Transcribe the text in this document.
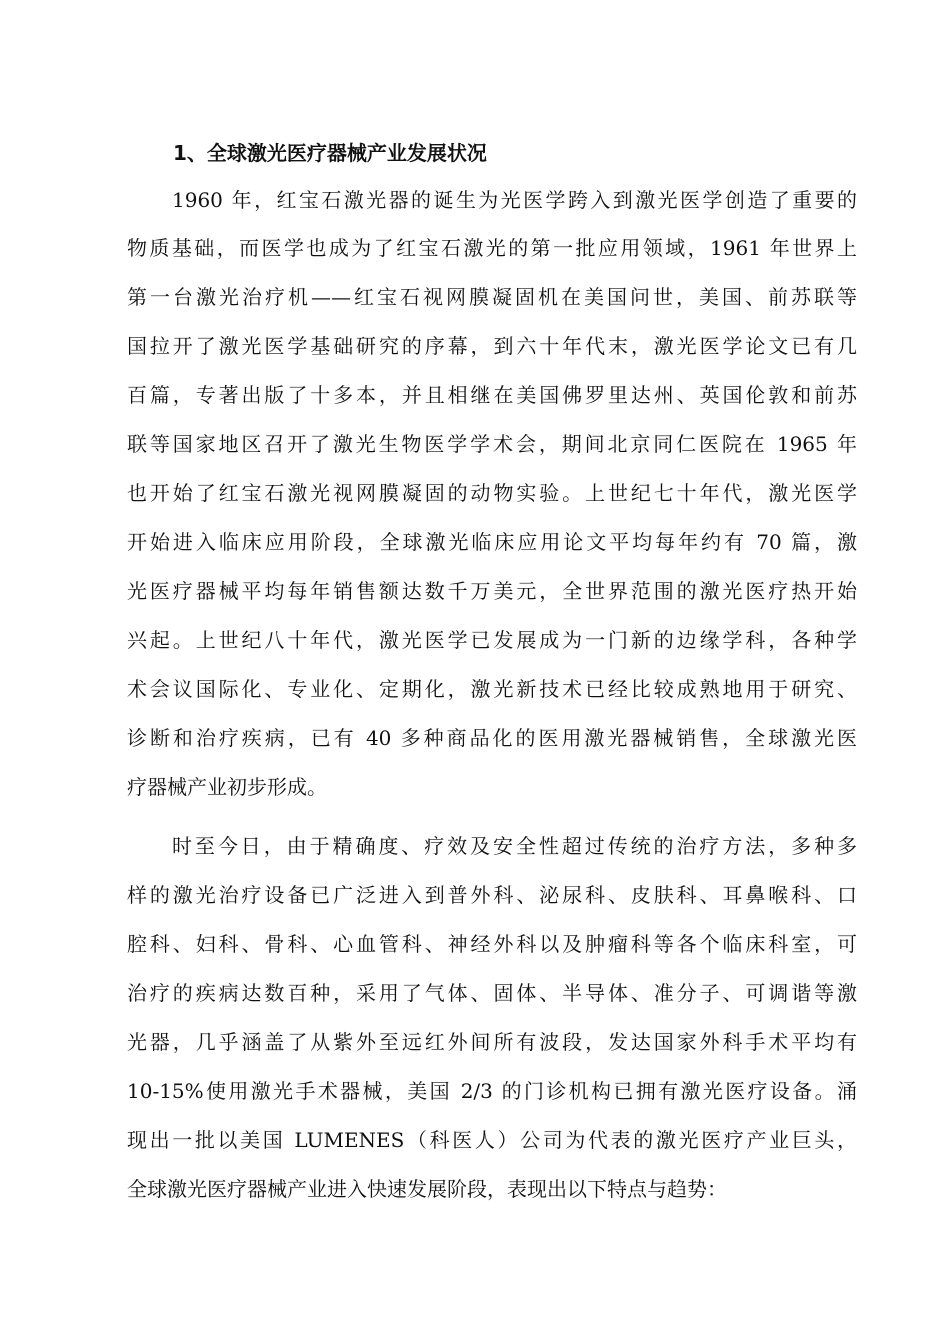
1、全球激光医疗器械产业发展状况
1960 年，红宝石激光器的诞生为光医学跨入到激光医学创造了重要的
物质基础，而医学也成为了红宝石激光的第一批应用领域，1961 年世界上
第一台激光治疗机——红宝石视网膜凝固机在美国问世，美国、前苏联等
国拉开了激光医学基础研究的序幕，到六十年代末，激光医学论文已有几
百篇，专著出版了十多本，并且相继在美国佛罗里达州、英国伦敦和前苏
联等国家地区召开了激光生物医学学术会，期间北京同仁医院在 1965 年
也开始了红宝石激光视网膜凝固的动物实验。上世纪七十年代，激光医学
开始进入临床应用阶段，全球激光临床应用论文平均每年约有 70 篇，激
光医疗器械平均每年销售额达数千万美元，全世界范围的激光医疗热开始
兴起。上世纪八十年代，激光医学已发展成为一门新的边缘学科，各种学
术会议国际化、专业化、定期化，激光新技术已经比较成熟地用于研究、
诊断和治疗疾病，已有 40 多种商品化的医用激光器械销售，全球激光医
疗器械产业初步形成。
时至今日，由于精确度、疗效及安全性超过传统的治疗方法，多种多
样的激光治疗设备已广泛进入到普外科、泌尿科、皮肤科、耳鼻喉科、口
腔科、妇科、骨科、心血管科、神经外科以及肿瘤科等各个临床科室，可
治疗的疾病达数百种，采用了气体、固体、半导体、准分子、可调谐等激
光器，几乎涵盖了从紫外至远红外间所有波段，发达国家外科手术平均有
10-15%使用激光手术器械，美国 2/3 的门诊机构已拥有激光医疗设备。涌
现出一批以美国 LUMENES（科医人）公司为代表的激光医疗产业巨头，
全球激光医疗器械产业进入快速发展阶段，表现出以下特点与趋势：
